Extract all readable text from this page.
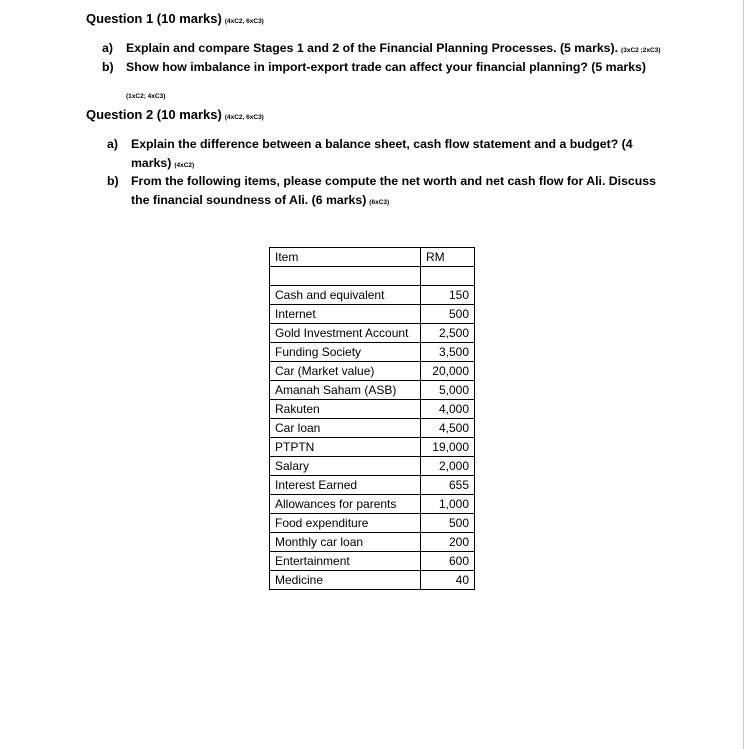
Question 1 (10 marks) (4xC2, 6xC3)
a) Explain and compare Stages 1 and 2 of the Financial Planning Processes. (5 marks). (3xC2 ;2xC3)
b) Show how imbalance in import-export trade can affect your financial planning? (5 marks)
(1xC2; 4xC3)
Question 2 (10 marks) (4xC2, 6xC3)
a) Explain the difference between a balance sheet, cash flow statement and a budget? (4
marks) (4xC2)
b) From the following items, please compute the net worth and net cash flow for Ali. Discuss
the financial soundness of Ali. (6 marks) (6xC3)
Item	RM

Cash and equivalent	150
Internet	500
Gold Investment Account	2,500
Funding Society	3,500
Car (Market value)	20,000
Amanah Saham (ASB)	5,000
Rakuten	4,000
Car loan	4,500
PTPTN	19,000
Salary	2,000
Interest Earned	655
Allowances for parents	1,000
Food expenditure	500
Monthly car loan	200
Entertainment	600
Medicine	40
